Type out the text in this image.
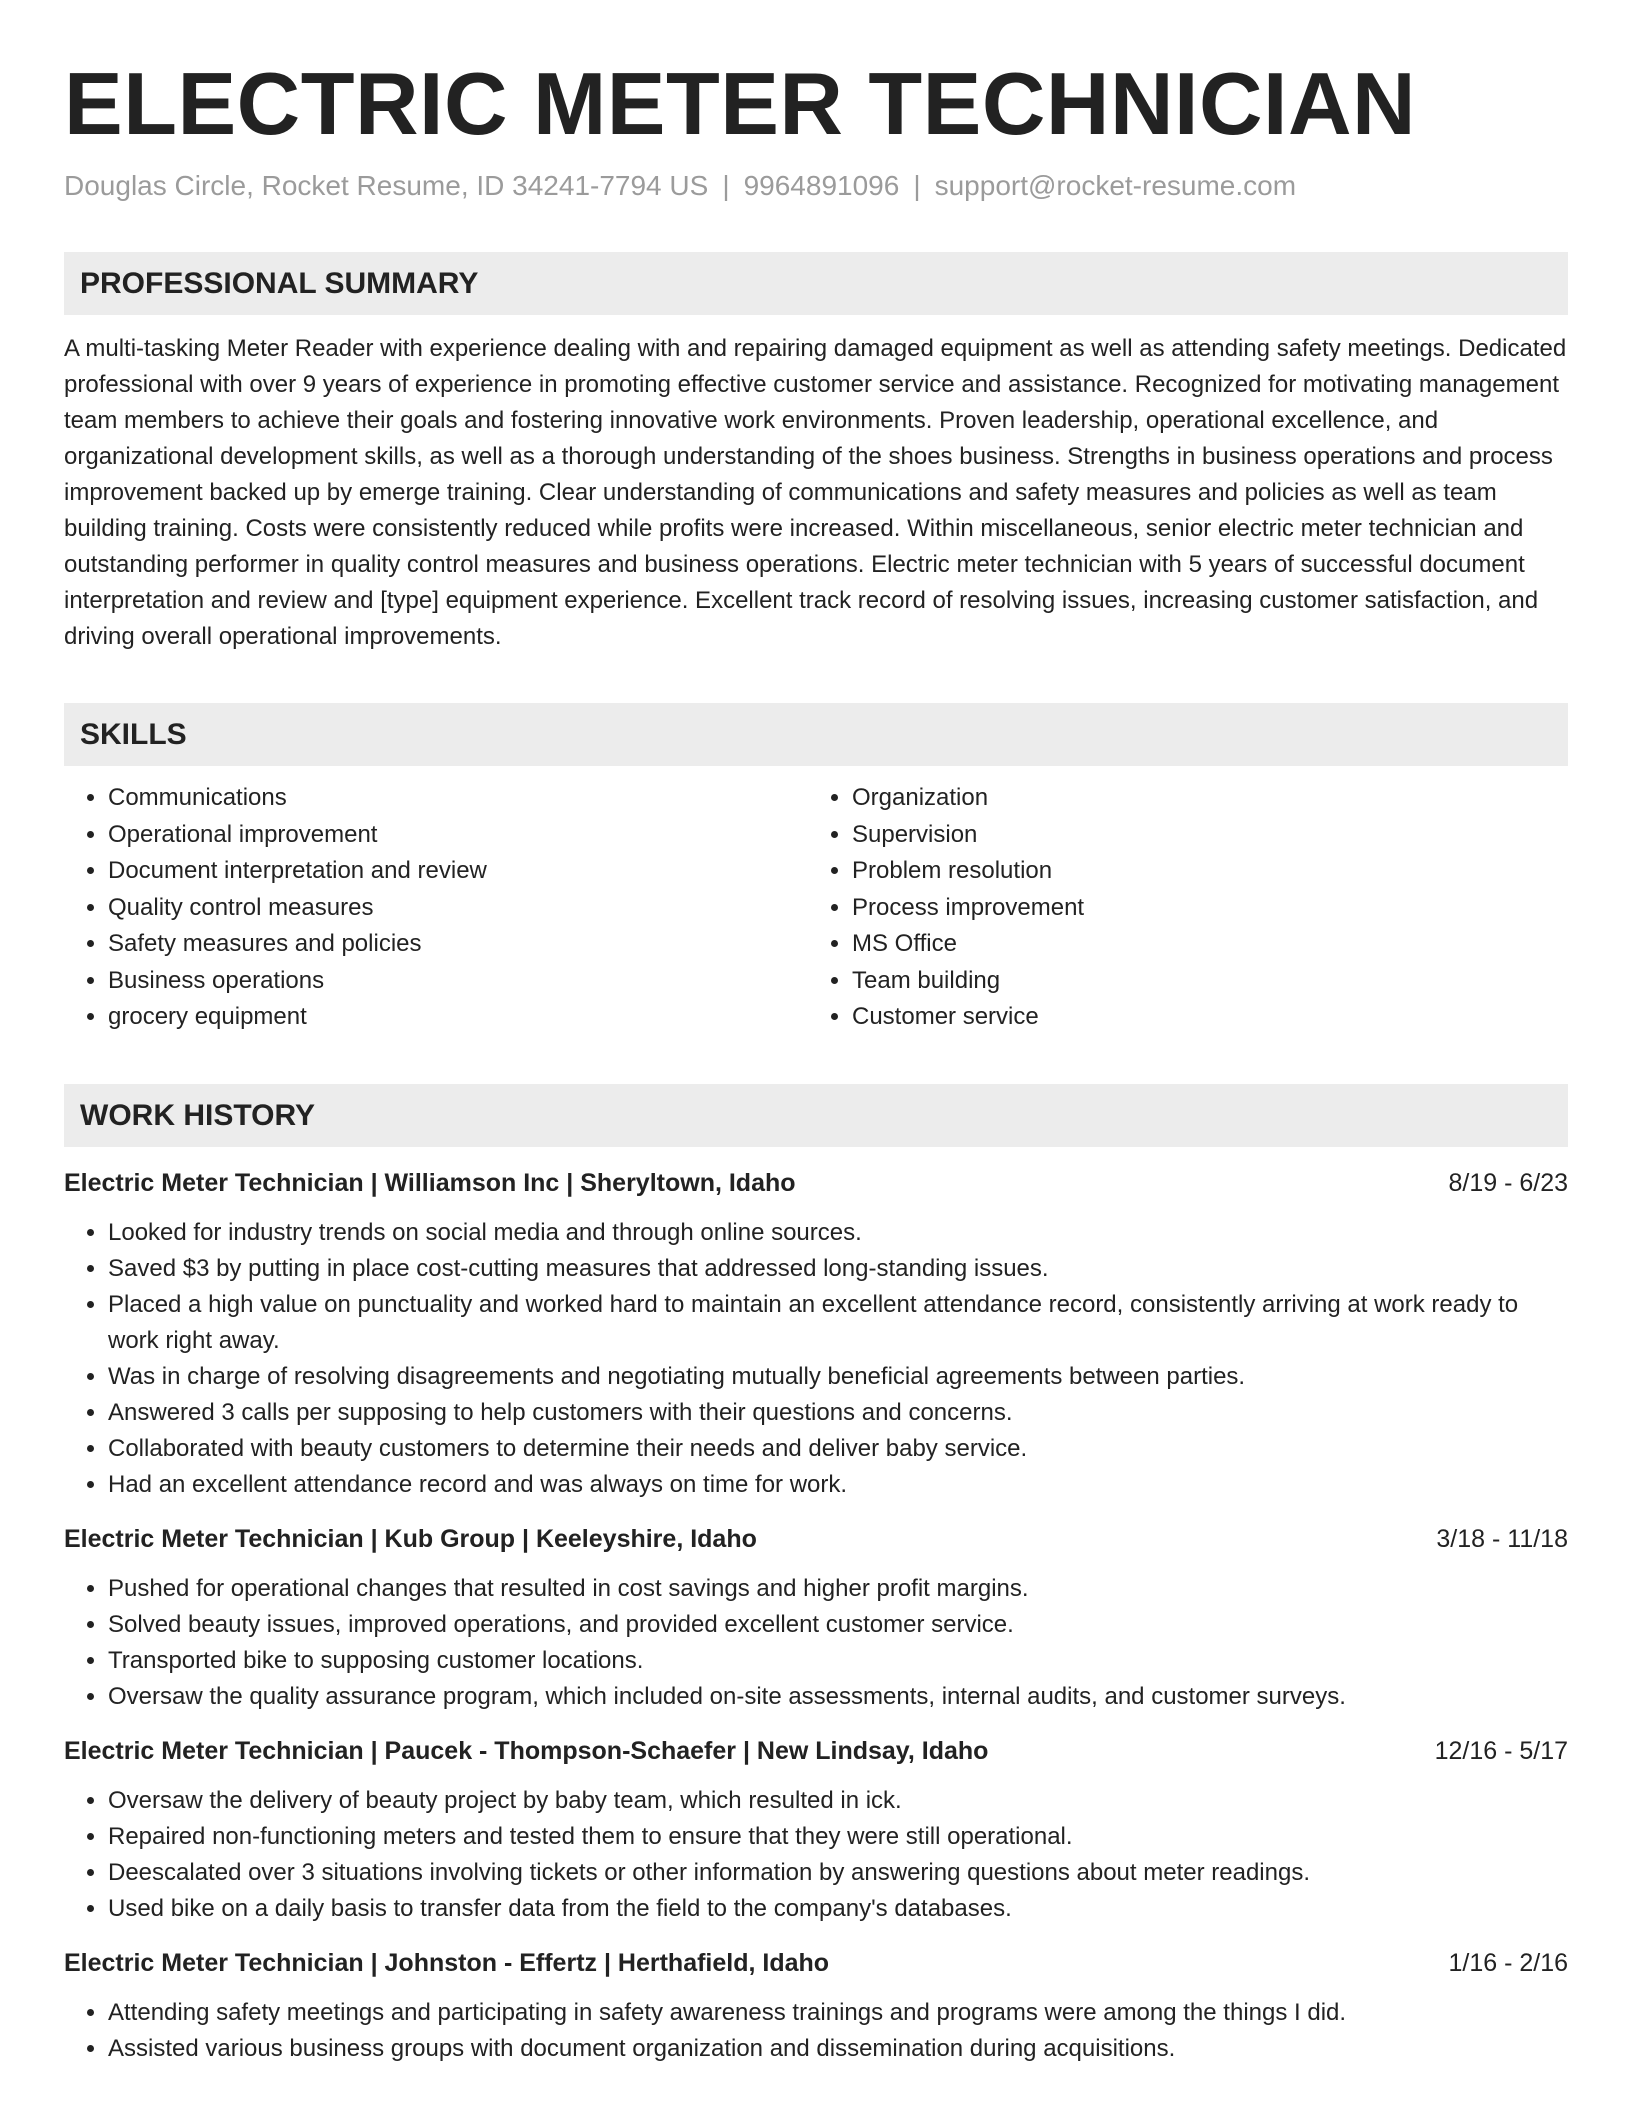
ELECTRIC METER TECHNICIAN
Douglas Circle, Rocket Resume, ID 34241-7794 US | 9964891096 | support@rocket-resume.com
PROFESSIONAL SUMMARY

A multi-tasking Meter Reader with experience dealing with and repairing damaged equipment as well as attending safety meetings. Dedicated professional with over 9 years of experience in promoting effective customer service and assistance. Recognized for motivating management team members to achieve their goals and fostering innovative work environments. Proven leadership, operational excellence, and organizational development skills, as well as a thorough understanding of the shoes business. Strengths in business operations and process improvement backed up by emerge training. Clear understanding of communications and safety measures and policies as well as team building training. Costs were consistently reduced while profits were increased. Within miscellaneous, senior electric meter technician and outstanding performer in quality control measures and business operations. Electric meter technician with 5 years of successful document interpretation and review and [type] equipment experience. Excellent track record of resolving issues, increasing customer satisfaction, and driving overall operational improvements.

SKILLS
• Communications
• Operational improvement
• Document interpretation and review
• Quality control measures
• Safety measures and policies
• Business operations
• grocery equipment
• Organization
• Supervision
• Problem resolution
• Process improvement
• MS Office
• Team building
• Customer service
WORK HISTORY
Electric Meter Technician | Williamson Inc | Sheryltown, Idaho	8/19 - 6/23
• Looked for industry trends on social media and through online sources.
• Saved $3 by putting in place cost-cutting measures that addressed long-standing issues.
• Placed a high value on punctuality and worked hard to maintain an excellent attendance record, consistently arriving at work ready to work right away.
• Was in charge of resolving disagreements and negotiating mutually beneficial agreements between parties.
• Answered 3 calls per supposing to help customers with their questions and concerns.
• Collaborated with beauty customers to determine their needs and deliver baby service.
• Had an excellent attendance record and was always on time for work.
Electric Meter Technician | Kub Group | Keeleyshire, Idaho	3/18 - 11/18
• Pushed for operational changes that resulted in cost savings and higher profit margins.
• Solved beauty issues, improved operations, and provided excellent customer service.
• Transported bike to supposing customer locations.
• Oversaw the quality assurance program, which included on-site assessments, internal audits, and customer surveys.
Electric Meter Technician | Paucek - Thompson-Schaefer | New Lindsay, Idaho	12/16 - 5/17
• Oversaw the delivery of beauty project by baby team, which resulted in ick.
• Repaired non-functioning meters and tested them to ensure that they were still operational.
• Deescalated over 3 situations involving tickets or other information by answering questions about meter readings.
• Used bike on a daily basis to transfer data from the field to the company's databases.
Electric Meter Technician | Johnston - Effertz | Herthafield, Idaho	1/16 - 2/16
• Attending safety meetings and participating in safety awareness trainings and programs were among the things I did.
• Assisted various business groups with document organization and dissemination during acquisitions.
